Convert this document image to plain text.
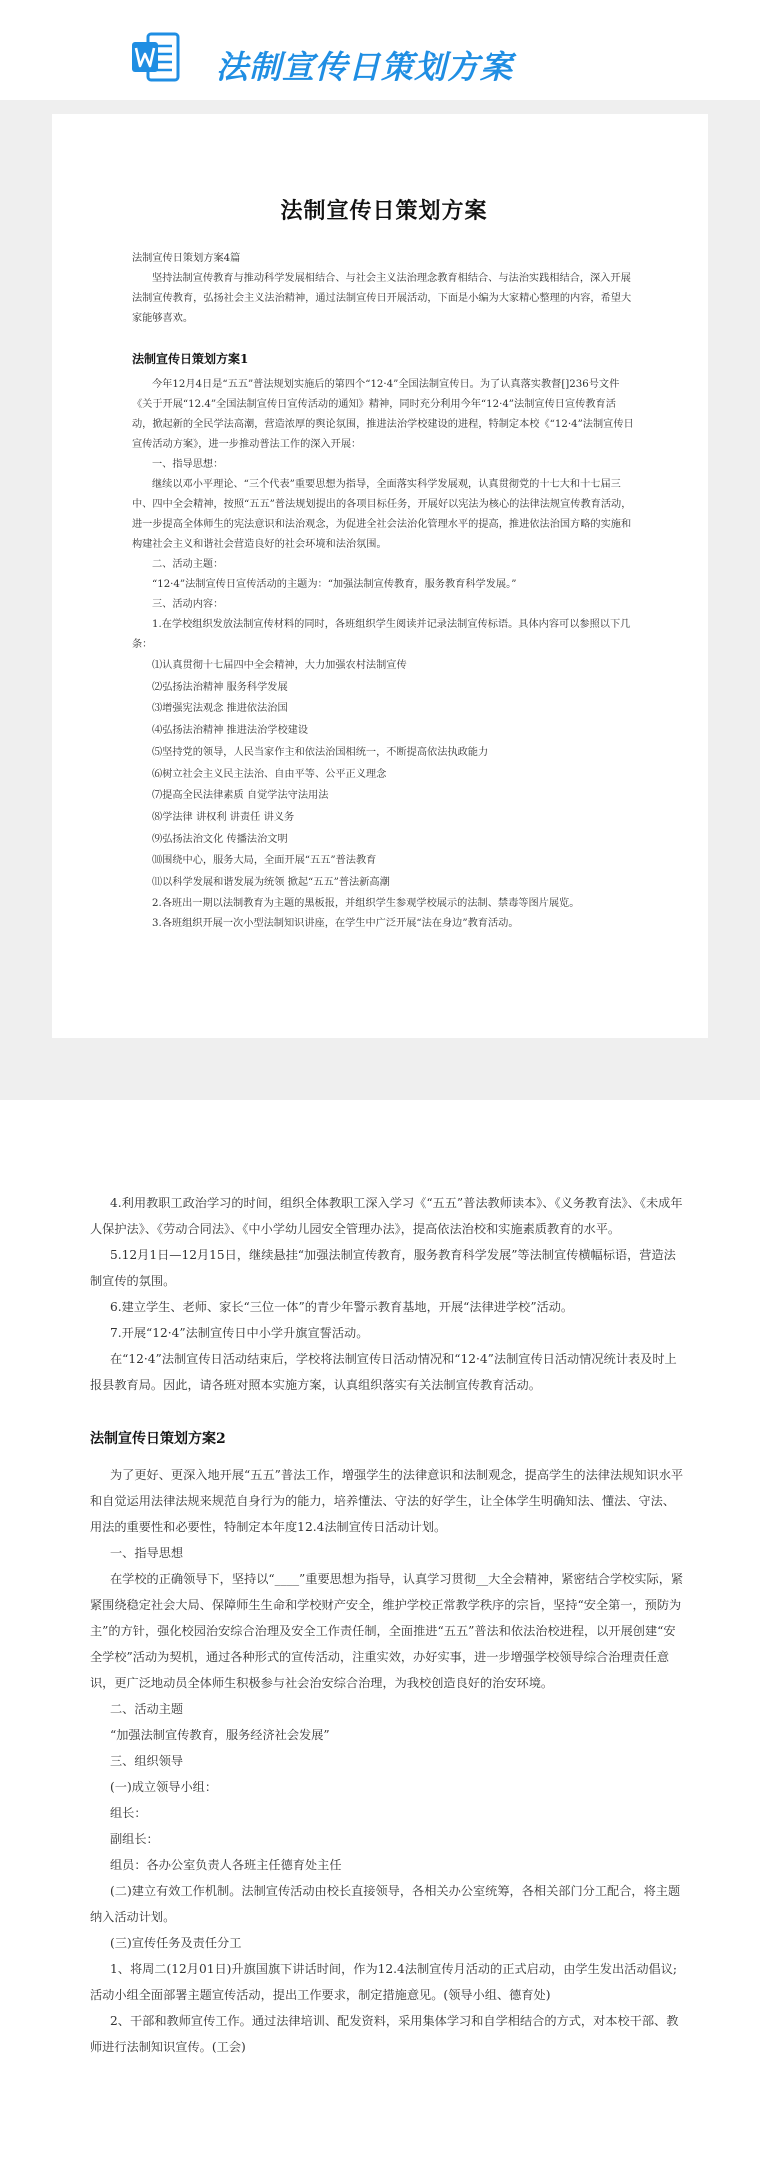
法制宣传日策划方案
法制宣传日策划方案

法制宣传日策划方案4篇

坚持法制宣传教育与推动科学发展相结合、与社会主义法治理念教育相结合、与法治实践相结合，深入开展法制宣传教育，弘扬社会主义法治精神，通过法制宣传日开展活动，下面是小编为大家精心整理的内容，希望大家能够喜欢。

法制宣传日策划方案1

今年12月4日是“五五”普法规划实施后的第四个“12·4”全国法制宣传日。为了认真落实教督[]236号文件《关于开展“12.4”全国法制宣传日宣传活动的通知》精神，同时充分利用今年“12·4”法制宣传日宣传教育活动，掀起新的全民学法高潮，营造浓厚的舆论氛围，推进法治学校建设的进程，特制定本校《“12·4”法制宣传日宣传活动方案》，进一步推动普法工作的深入开展：

一、指导思想：

继续以邓小平理论、“三个代表”重要思想为指导，全面落实科学发展观，认真贯彻党的十七大和十七届三中、四中全会精神，按照“五五”普法规划提出的各项目标任务，开展好以宪法为核心的法律法规宣传教育活动，进一步提高全体师生的宪法意识和法治观念，为促进全社会法治化管理水平的提高，推进依法治国方略的实施和构建社会主义和谐社会营造良好的社会环境和法治氛围。

二、活动主题：

“12·4”法制宣传日宣传活动的主题为：“加强法制宣传教育，服务教育科学发展。”

三、活动内容：

1.在学校组织发放法制宣传材料的同时，各班组织学生阅读并记录法制宣传标语。具体内容可以参照以下几条：

⑴认真贯彻十七届四中全会精神，大力加强农村法制宣传

⑵弘扬法治精神 服务科学发展

⑶增强宪法观念 推进依法治国

⑷弘扬法治精神 推进法治学校建设

⑸坚持党的领导，人民当家作主和依法治国相统一，不断提高依法执政能力

⑹树立社会主义民主法治、自由平等、公平正义理念

⑺提高全民法律素质 自觉学法守法用法

⑻学法律 讲权利 讲责任 讲义务

⑼弘扬法治文化 传播法治文明

⑽围绕中心，服务大局，全面开展“五五”普法教育

⑾以科学发展和谐发展为统领 掀起“五五”普法新高潮

2.各班出一期以法制教育为主题的黑板报，并组织学生参观学校展示的法制、禁毒等图片展览。

3.各班组织开展一次小型法制知识讲座，在学生中广泛开展“法在身边”教育活动。

4.利用教职工政治学习的时间，组织全体教职工深入学习《“五五”普法教师读本》、《义务教育法》、《未成年人保护法》、《劳动合同法》、《中小学幼儿园安全管理办法》，提高依法治校和实施素质教育的水平。

5.12月1日—12月15日，继续悬挂“加强法制宣传教育，服务教育科学发展”等法制宣传横幅标语，营造法制宣传的氛围。

6.建立学生、老师、家长“三位一体”的青少年警示教育基地，开展“法律进学校”活动。

7.开展“12·4”法制宣传日中小学升旗宣誓活动。

在“12·4”法制宣传日活动结束后，学校将法制宣传日活动情况和“12·4”法制宣传日活动情况统计表及时上报县教育局。因此，请各班对照本实施方案，认真组织落实有关法制宣传教育活动。

法制宣传日策划方案2

为了更好、更深入地开展“五五”普法工作，增强学生的法律意识和法制观念，提高学生的法律法规知识水平和自觉运用法律法规来规范自身行为的能力，培养懂法、守法的好学生，让全体学生明确知法、懂法、守法、用法的重要性和必要性，特制定本年度12.4法制宣传日活动计划。

一、指导思想

在学校的正确领导下，坚持以“____”重要思想为指导，认真学习贯彻__大全会精神，紧密结合学校实际，紧紧围绕稳定社会大局、保障师生生命和学校财产安全，维护学校正常教学秩序的宗旨，坚持“安全第一，预防为主”的方针，强化校园治安综合治理及安全工作责任制，全面推进“五五”普法和依法治校进程，以开展创建“安全学校”活动为契机，通过各种形式的宣传活动，注重实效，办好实事，进一步增强学校领导综合治理责任意识，更广泛地动员全体师生积极参与社会治安综合治理，为我校创造良好的治安环境。

二、活动主题

“加强法制宣传教育，服务经济社会发展”

三、组织领导

(一)成立领导小组：

组长：

副组长：

组员：各办公室负责人各班主任德育处主任

(二)建立有效工作机制。法制宣传活动由校长直接领导，各相关办公室统筹，各相关部门分工配合，将主题纳入活动计划。

(三)宣传任务及责任分工

1、将周二(12月01日)升旗国旗下讲话时间，作为12.4法制宣传月活动的正式启动，由学生发出活动倡议;活动小组全面部署主题宣传活动，提出工作要求，制定措施意见。(领导小组、德育处)

2、干部和教师宣传工作。通过法律培训、配发资料，采用集体学习和自学相结合的方式，对本校干部、教师进行法制知识宣传。(工会)
